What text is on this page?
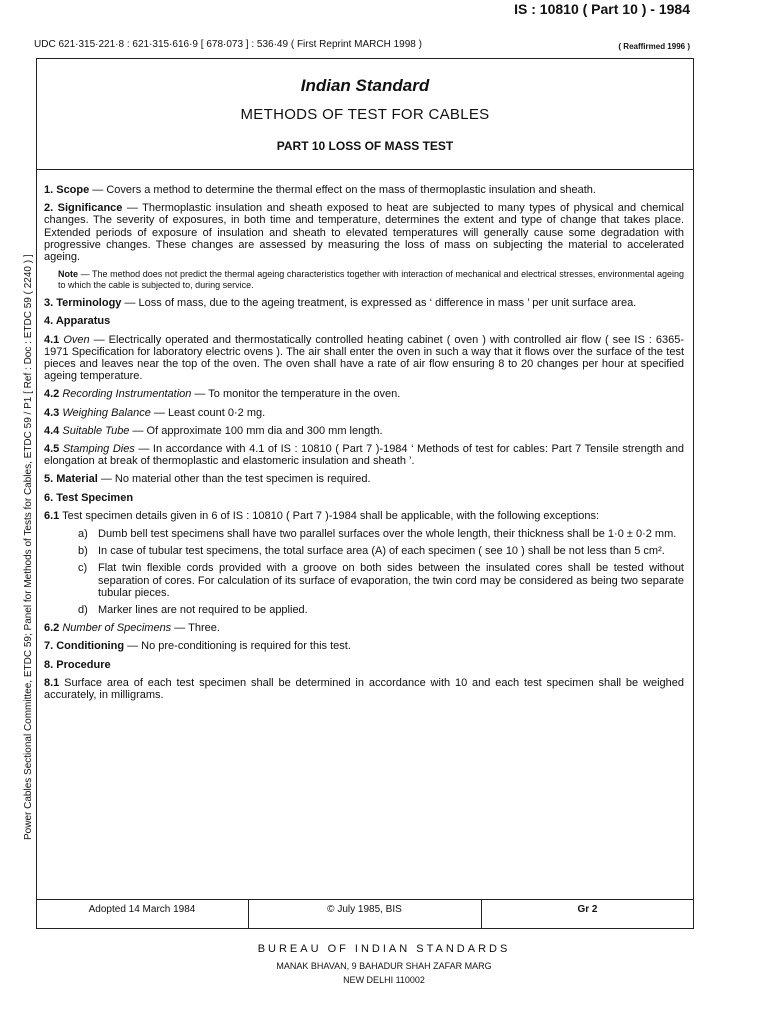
UDC 621·315·221·8 : 621·315·616·9 [ 678·073 ] : 536·49 ( First Reprint MARCH 1998 )
IS : 10810 ( Part 10 ) - 1984
( Reaffirmed 1996 )
Power Cables Sectional Committee, ETDC 59; Panel for Methods of Tests for Cables, ETDC 59 / P1 [ Ref : Doc : ETDC 59 ( 2240 ) ]
Indian Standard
METHODS OF TEST FOR CABLES
PART 10 LOSS OF MASS TEST

1. Scope — Covers a method to determine the thermal effect on the mass of thermoplastic insulation and sheath.

2. Significance — Thermoplastic insulation and sheath exposed to heat are subjected to many types of physical and chemical changes. The severity of exposures, in both time and temperature, determines the extent and type of change that takes place. Extended periods of exposure of insulation and sheath to elevated temperatures will generally cause some degradation with progressive changes. These changes are assessed by measuring the loss of mass on subjecting the material to accelerated ageing.

Note — The method does not predict the thermal ageing characteristics together with interaction of mechanical and electrical stresses, environmental ageing to which the cable is subjected to, during service.

3. Terminology — Loss of mass, due to the ageing treatment, is expressed as ‘ difference in mass ’ per unit surface area.

4. Apparatus

4.1 Oven — Electrically operated and thermostatically controlled heating cabinet ( oven ) with controlled air flow ( see IS : 6365-1971 Specification for laboratory electric ovens ). The air shall enter the oven in such a way that it flows over the surface of the test pieces and leaves near the top of the oven. The oven shall have a rate of air flow ensuring 8 to 20 changes per hour at specified ageing temperature.

4.2 Recording Instrumentation — To monitor the temperature in the oven.

4.3 Weighing Balance — Least count 0·2 mg.

4.4 Suitable Tube — Of approximate 100 mm dia and 300 mm length.

4.5 Stamping Dies — In accordance with 4.1 of IS : 10810 ( Part 7 )-1984 ‘ Methods of test for cables: Part 7 Tensile strength and elongation at break of thermoplastic and elastomeric insulation and sheath ’.

5. Material — No material other than the test specimen is required.

6. Test Specimen

6.1 Test specimen details given in 6 of IS : 10810 ( Part 7 )-1984 shall be applicable, with the following exceptions:

a) Dumb bell test specimens shall have two parallel surfaces over the whole length, their thickness shall be 1·0 ± 0·2 mm.
b) In case of tubular test specimens, the total surface area (A) of each specimen ( see 10 ) shall be not less than 5 cm².
c) Flat twin flexible cords provided with a groove on both sides between the insulated cores shall be tested without separation of cores. For calculation of its surface of evaporation, the twin cord may be considered as being two separate tubular pieces.
d) Marker lines are not required to be applied.

6.2 Number of Specimens — Three.

7. Conditioning — No pre-conditioning is required for this test.

8. Procedure

8.1 Surface area of each test specimen shall be determined in accordance with 10 and each test specimen shall be weighed accurately, in milligrams.

Adopted 14 March 1984	© July 1985, BIS	Gr 2
BUREAU OF INDIAN STANDARDS
MANAK BHAVAN, 9 BAHADUR SHAH ZAFAR MARG
NEW DELHI 110002
